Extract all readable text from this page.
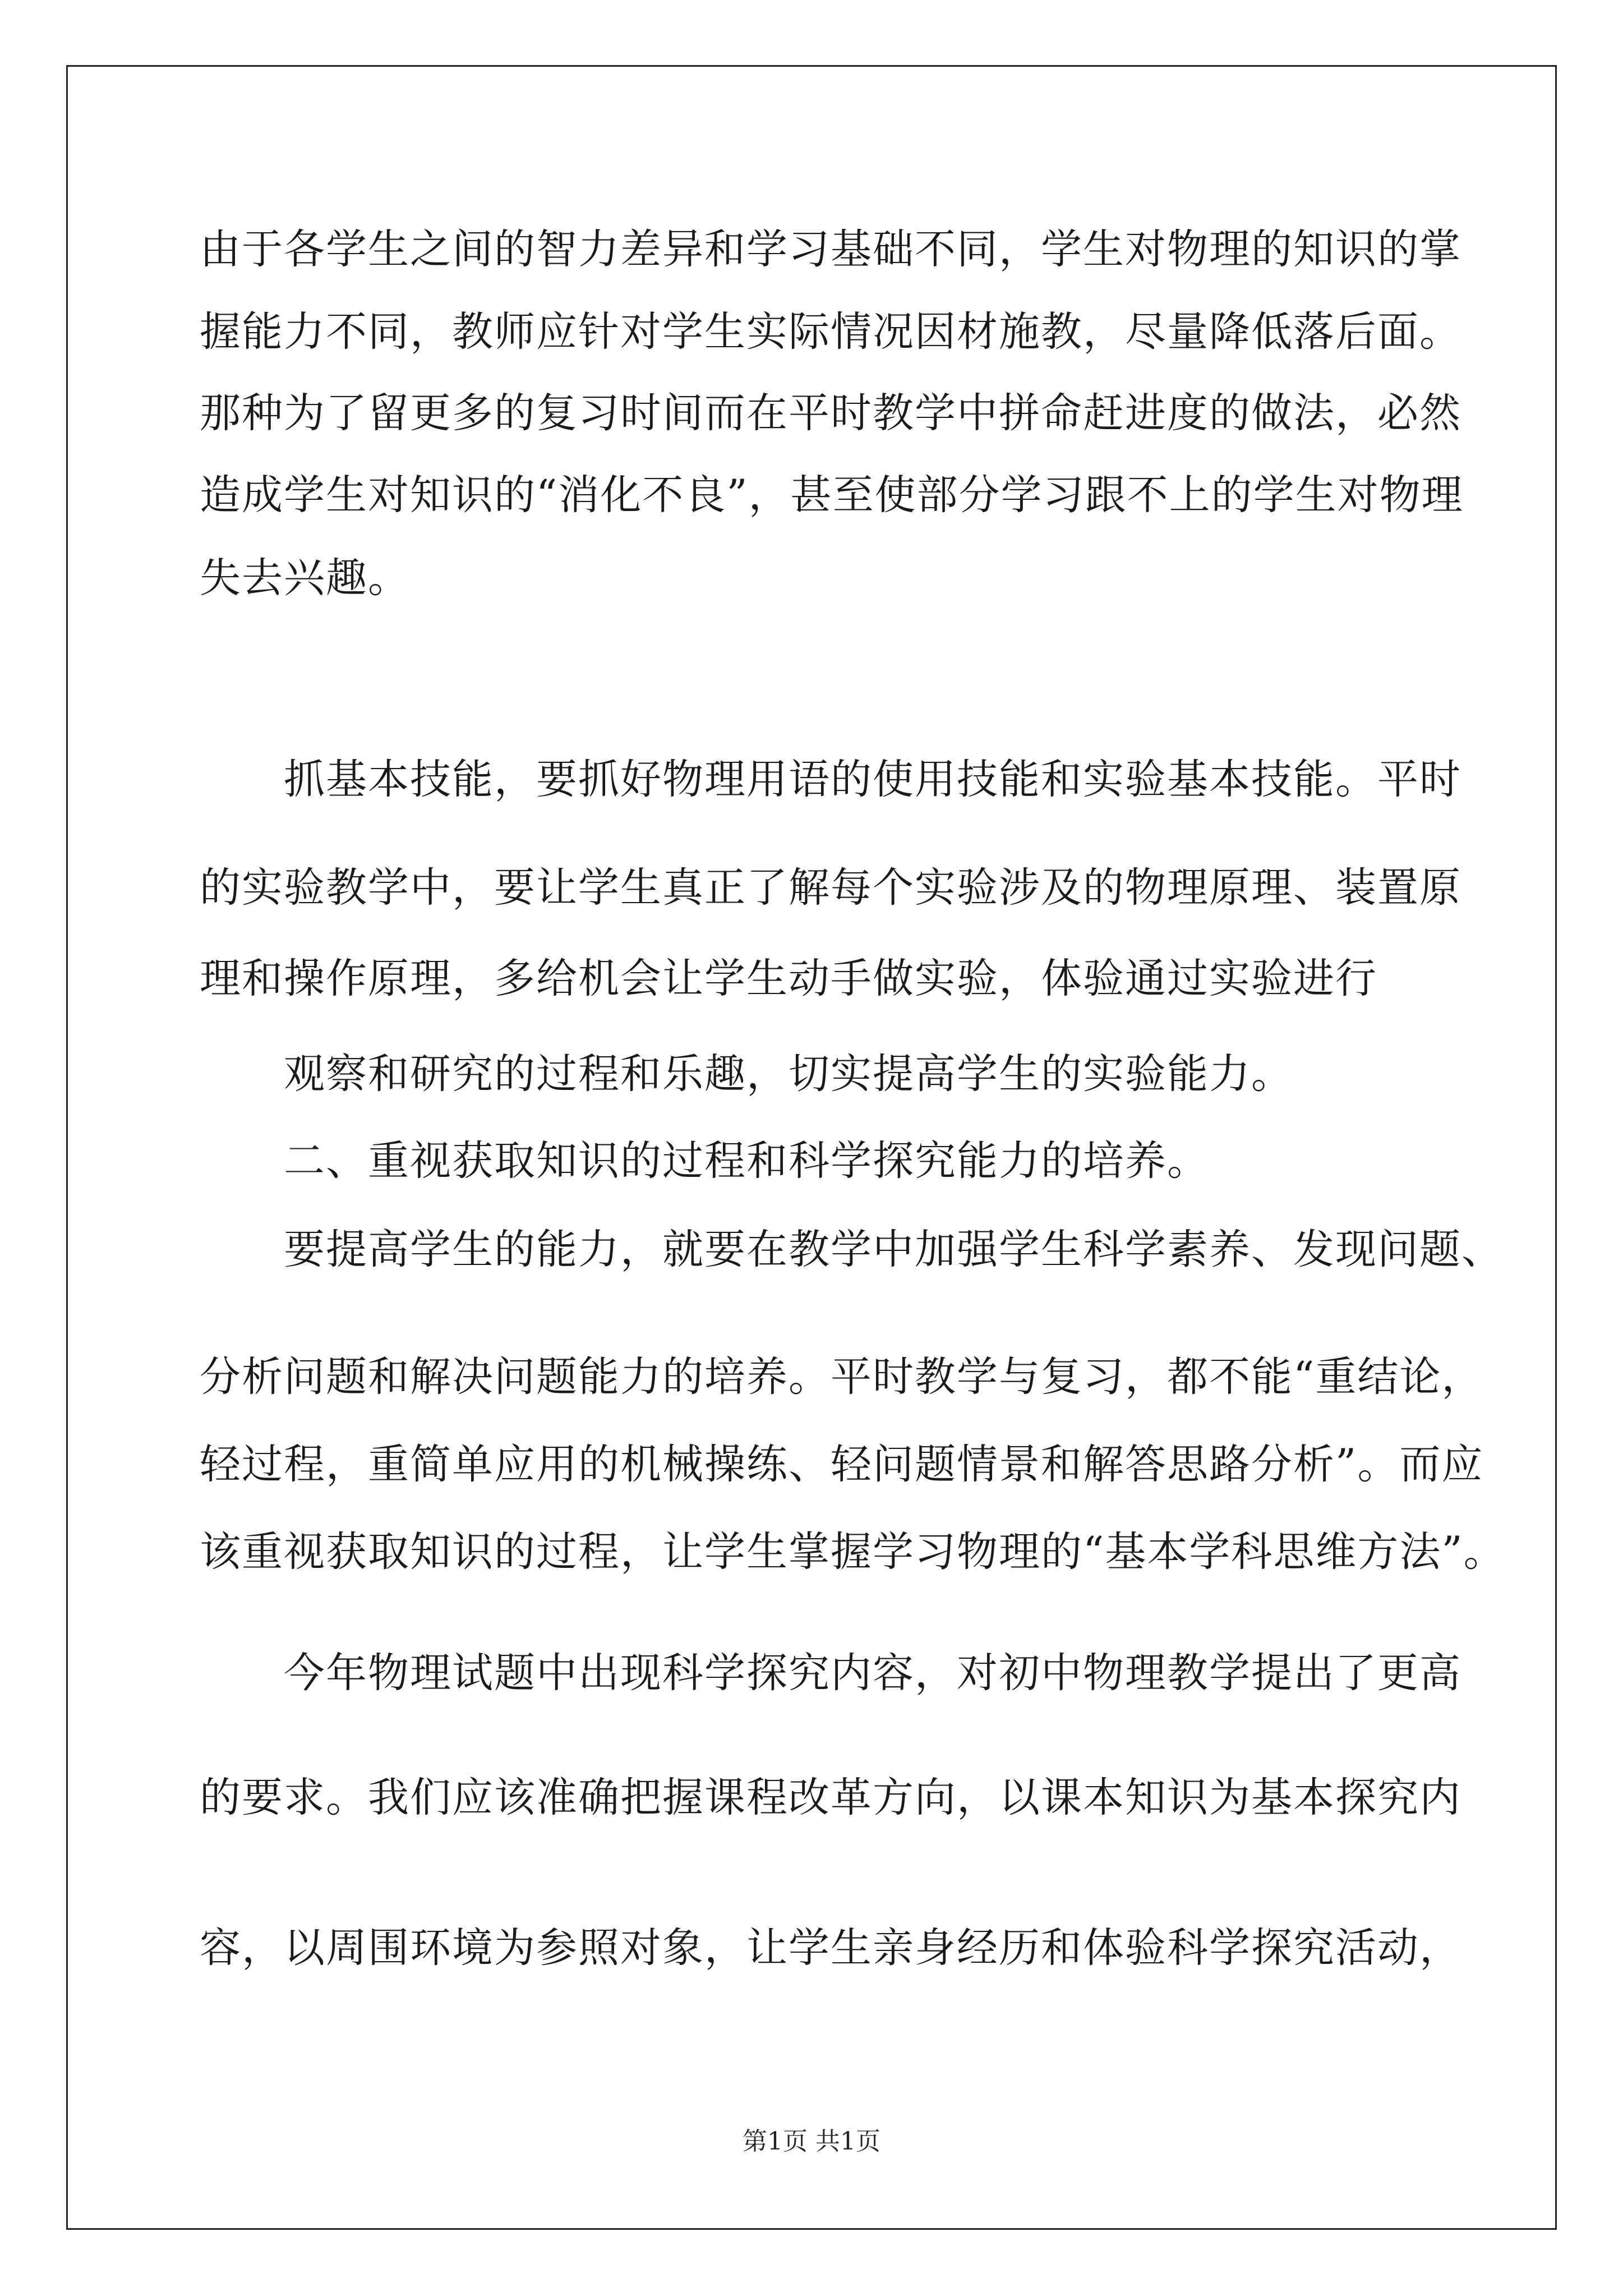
由于各学生之间的智力差异和学习基础不同，学生对物理的知识的掌
握能力不同，教师应针对学生实际情况因材施教，尽量降低落后面。
那种为了留更多的复习时间而在平时教学中拼命赶进度的做法，必然
造成学生对知识的“消化不良”，甚至使部分学习跟不上的学生对物理
失去兴趣。
抓基本技能，要抓好物理用语的使用技能和实验基本技能。平时
的实验教学中，要让学生真正了解每个实验涉及的物理原理、装置原
理和操作原理，多给机会让学生动手做实验，体验通过实验进行
观察和研究的过程和乐趣，切实提高学生的实验能力。
二、重视获取知识的过程和科学探究能力的培养。
要提高学生的能力，就要在教学中加强学生科学素养、发现问题、
分析问题和解决问题能力的培养。平时教学与复习，都不能“重结论，
轻过程，重简单应用的机械操练、轻问题情景和解答思路分析”。而应
该重视获取知识的过程，让学生掌握学习物理的“基本学科思维方法”。
今年物理试题中出现科学探究内容，对初中物理教学提出了更高
的要求。我们应该准确把握课程改革方向，以课本知识为基本探究内
容，以周围环境为参照对象，让学生亲身经历和体验科学探究活动，
第1页 共1页
